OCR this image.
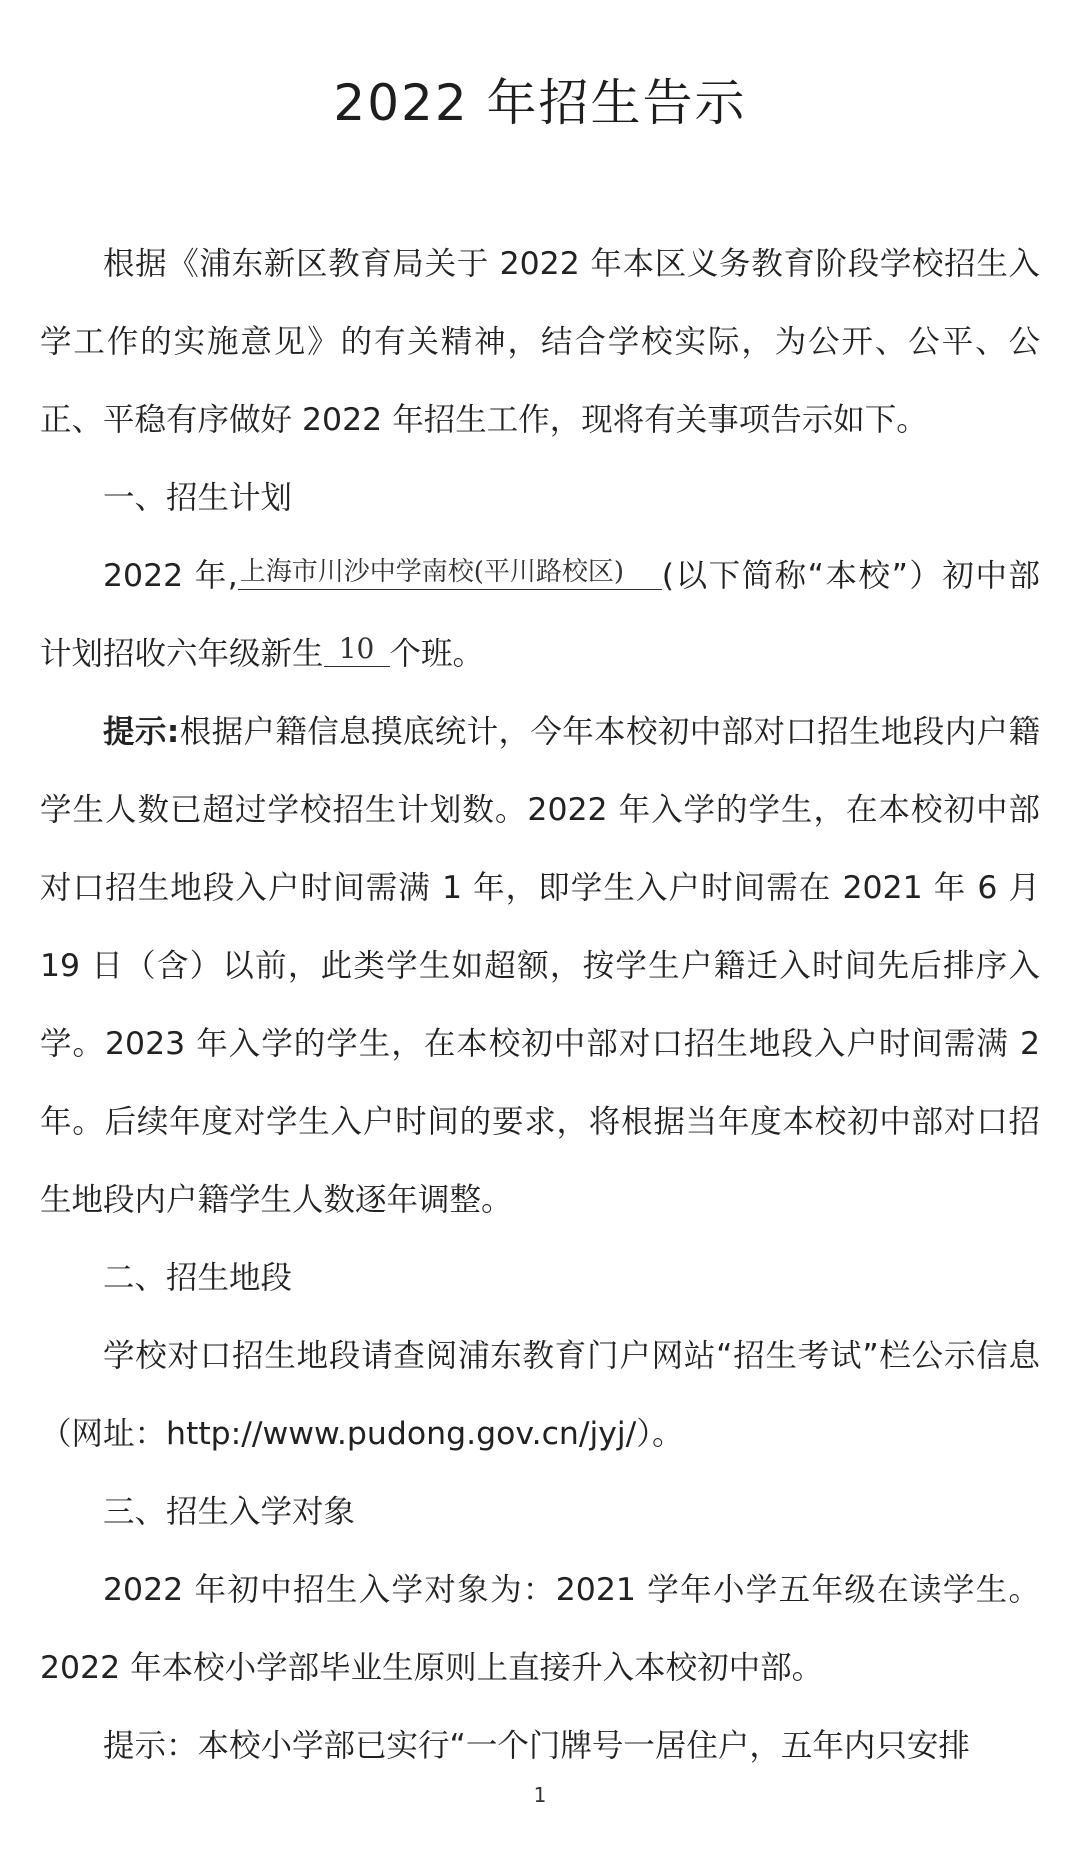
2022 年招生告示

根据《浦东新区教育局关于 2022 年本区义务教育阶段学校招生入学工作的实施意见》的有关精神，结合学校实际，为公开、公平、公正、平稳有序做好 2022 年招生工作，现将有关事项告示如下。

一、招生计划

2022 年,上海市川沙中学南校(平川路校区) (以下简称“本校”）初中部计划招收六年级新生 10 个班。

提示:根据户籍信息摸底统计，今年本校初中部对口招生地段内户籍学生人数已超过学校招生计划数。2022 年入学的学生，在本校初中部对口招生地段入户时间需满 1 年，即学生入户时间需在 2021 年 6 月 19 日（含）以前，此类学生如超额，按学生户籍迁入时间先后排序入学。2023 年入学的学生，在本校初中部对口招生地段入户时间需满 2 年。后续年度对学生入户时间的要求，将根据当年度本校初中部对口招生地段内户籍学生人数逐年调整。

二、招生地段

学校对口招生地段请查阅浦东教育门户网站“招生考试”栏公示信息（网址：http://www.pudong.gov.cn/jyj/）。

三、招生入学对象

2022 年初中招生入学对象为：2021 学年小学五年级在读学生。2022 年本校小学部毕业生原则上直接升入本校初中部。

提示：本校小学部已实行“一个门牌号一居住户，五年内只安排

1
